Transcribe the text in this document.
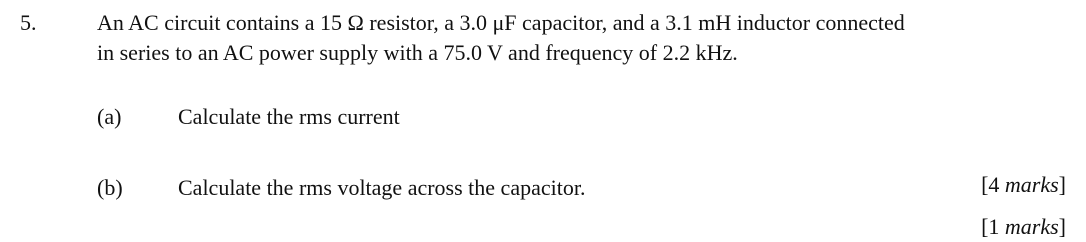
5.	An AC circuit contains a 15 Ω resistor, a 3.0 μF capacitor, and a 3.1 mH inductor connected
in series to an AC power supply with a 75.0 V and frequency of 2.2 kHz.
(a)	Calculate the rms current
[4 marks]
(b)	Calculate the rms voltage across the capacitor.
[1 marks]
